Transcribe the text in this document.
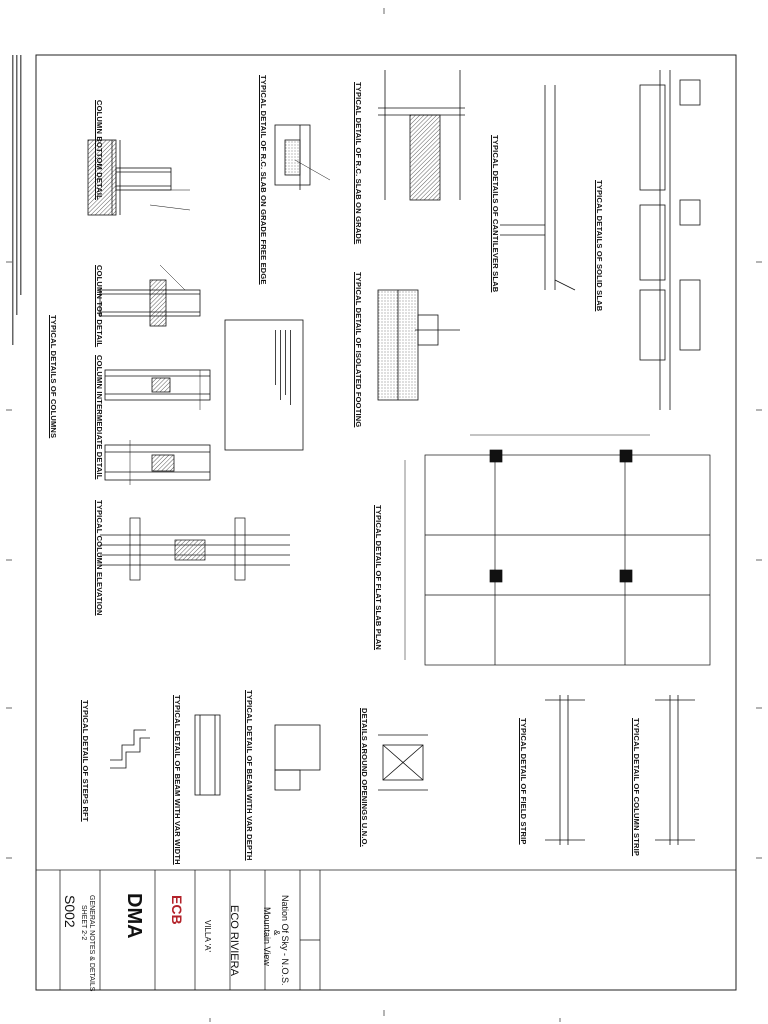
COLUMN BOTTOM DETAIL
COLUMN TOP DETAIL
COLUMN INTERMEDIATE DETAIL
TYPICAL COLUMN ELEVATION
TYPICAL DETAILS OF COLUMNS
TYPICAL DETAIL OF R.C. SLAB ON GRADE FREE EDGE	TYPICAL DETAIL OF R.C. SLAB ON GRADE
TYPICAL DETAIL OF ISOLATED FOOTING
TYPICAL DETAILS OF CANTILEVER SLAB	TYPICAL DETAILS OF SOLID SLAB
TYPICAL DETAIL OF FLAT SLAB PLAN
TYPICAL DETAIL OF STEPS RFT	TYPICAL DETAIL OF BEAM WITH VAR WIDTH	TYPICAL DETAIL OF BEAM WITH VAR DEPTH	DETAILS AROUND OPENINGS U.N.O.	TYPICAL DETAIL OF FIELD STRIP	TYPICAL DETAIL OF COLUMN STRIP
ECO RIVIERA
VILLA 'A'	Nation Of Sky - N.O.S.
&
Mountain View
GENERAL NOTES & DETAILS
SHEET 2-2
S002 DMA ECB
